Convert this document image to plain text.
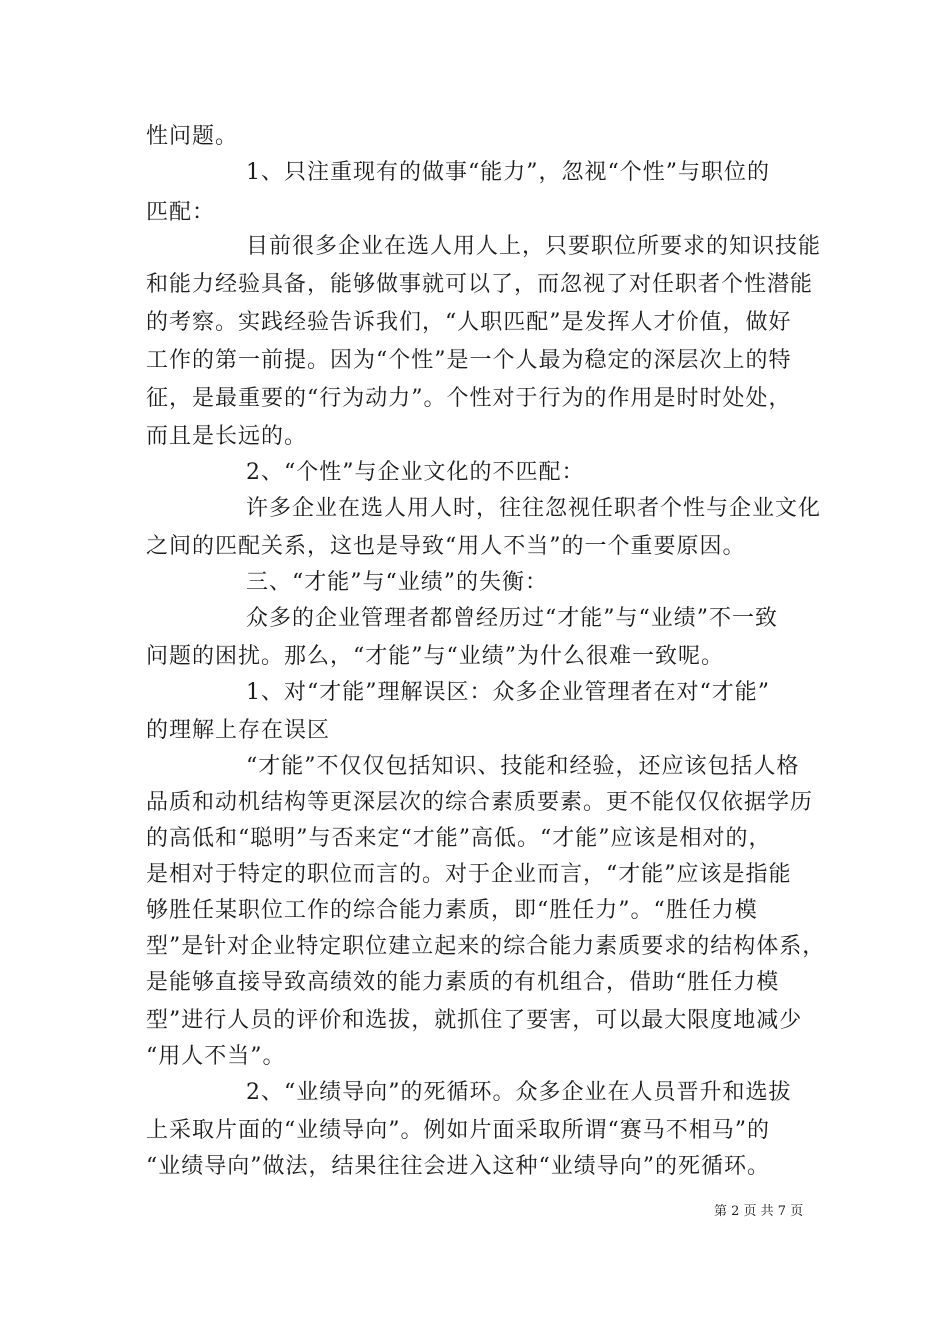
性问题。
1、只注重现有的做事“能力”，忽视“个性”与职位的
匹配：
目前很多企业在选人用人上，只要职位所要求的知识技能
和能力经验具备，能够做事就可以了，而忽视了对任职者个性潜能
的考察。实践经验告诉我们，“人职匹配”是发挥人才价值，做好
工作的第一前提。因为“个性”是一个人最为稳定的深层次上的特
征，是最重要的“行为动力”。个性对于行为的作用是时时处处，
而且是长远的。
2、“个性”与企业文化的不匹配：
许多企业在选人用人时，往往忽视任职者个性与企业文化
之间的匹配关系，这也是导致“用人不当”的一个重要原因。
三、“才能”与“业绩”的失衡：
众多的企业管理者都曾经历过“才能”与“业绩”不一致
问题的困扰。那么，“才能”与“业绩”为什么很难一致呢。
1、对“才能”理解误区：众多企业管理者在对“才能”
的理解上存在误区
“才能”不仅仅包括知识、技能和经验，还应该包括人格
品质和动机结构等更深层次的综合素质要素。更不能仅仅依据学历
的高低和“聪明”与否来定“才能”高低。“才能”应该是相对的，
是相对于特定的职位而言的。对于企业而言，“才能”应该是指能
够胜任某职位工作的综合能力素质，即“胜任力”。“胜任力模
型”是针对企业特定职位建立起来的综合能力素质要求的结构体系，
是能够直接导致高绩效的能力素质的有机组合，借助“胜任力模
型”进行人员的评价和选拔，就抓住了要害，可以最大限度地减少
“用人不当”。
2、“业绩导向”的死循环。众多企业在人员晋升和选拔
上采取片面的“业绩导向”。例如片面采取所谓“赛马不相马”的
“业绩导向”做法，结果往往会进入这种“业绩导向”的死循环。
第 2 页 共 7 页
